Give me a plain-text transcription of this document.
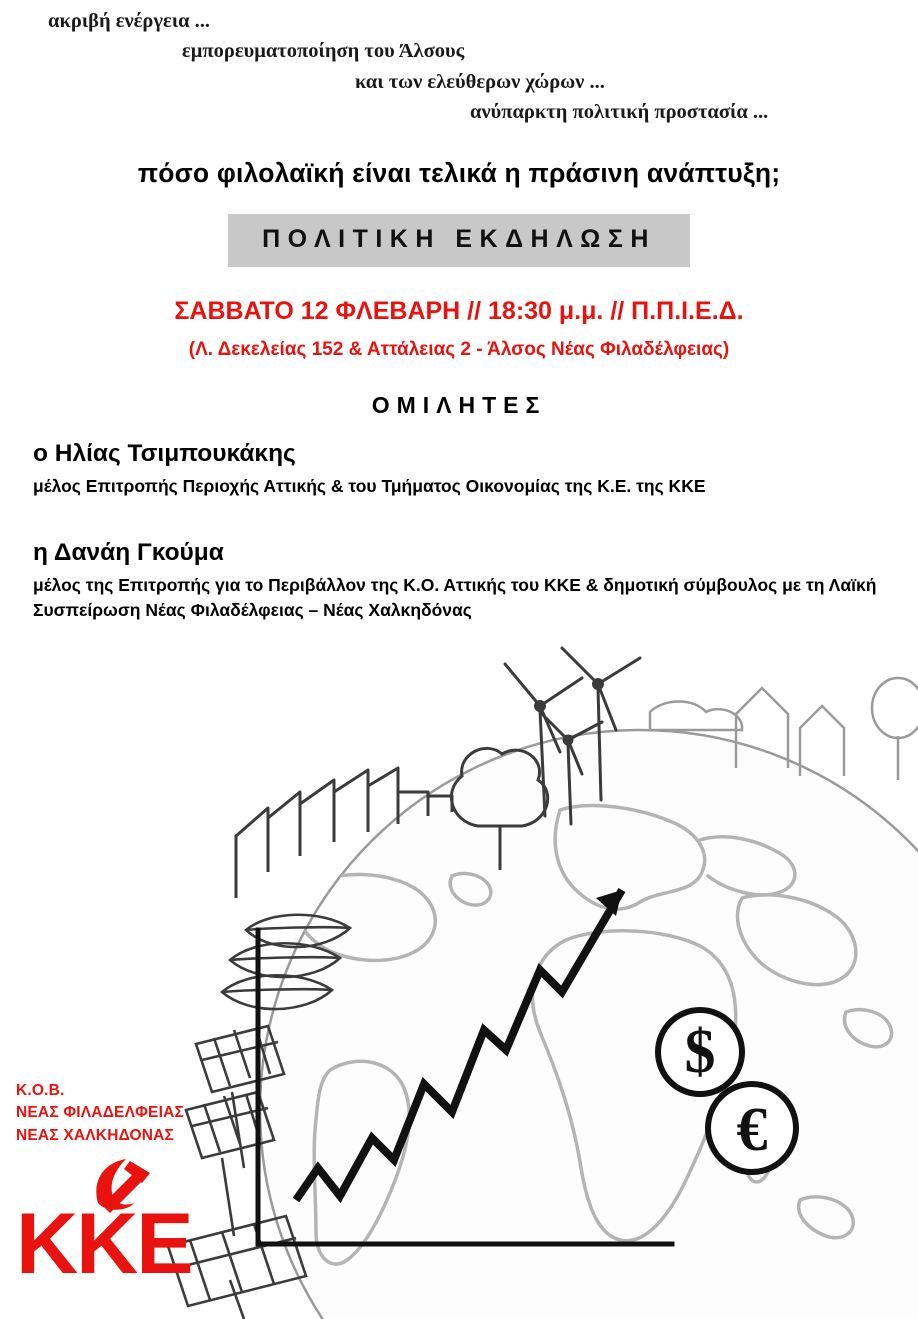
ακριβή ενέργεια ...
εμπορευματοποίηση του Άλσους
και των ελεύθερων χώρων ...
ανύπαρκτη πολιτική προστασία ...
πόσο φιλολαϊκή είναι τελικά η πράσινη ανάπτυξη;
ΠΟΛΙΤΙΚΗ ΕΚΔΗΛΩΣΗ
ΣΑΒΒΑΤΟ 12 ΦΛΕΒΑΡΗ // 18:30 μ.μ. // Π.Π.Ι.Ε.Δ.
(Λ. Δεκελείας 152 & Αττάλειας 2 - Άλσος Νέας Φιλαδέλφειας)
ΟΜΙΛΗΤΕΣ
ο Ηλίας Τσιμπουκάκης
μέλος Επιτροπής Περιοχής Αττικής & του Τμήματος Οικονομίας της Κ.Ε. της ΚΚΕ
η Δανάη Γκούμα
μέλος της Επιτροπής για το Περιβάλλον της Κ.Ο. Αττικής του ΚΚΕ & δημοτική σύμβουλος με τη Λαϊκή Συσπείρωση Νέας Φιλαδέλφειας – Νέας Χαλκηδόνας
$
€
Κ.Ο.Β.
ΝΕΑΣ ΦΙΛΑΔΕΛΦΕΙΑΣ
ΝΕΑΣ ΧΑΛΚΗΔΟΝΑΣ
ΚΚΕ
